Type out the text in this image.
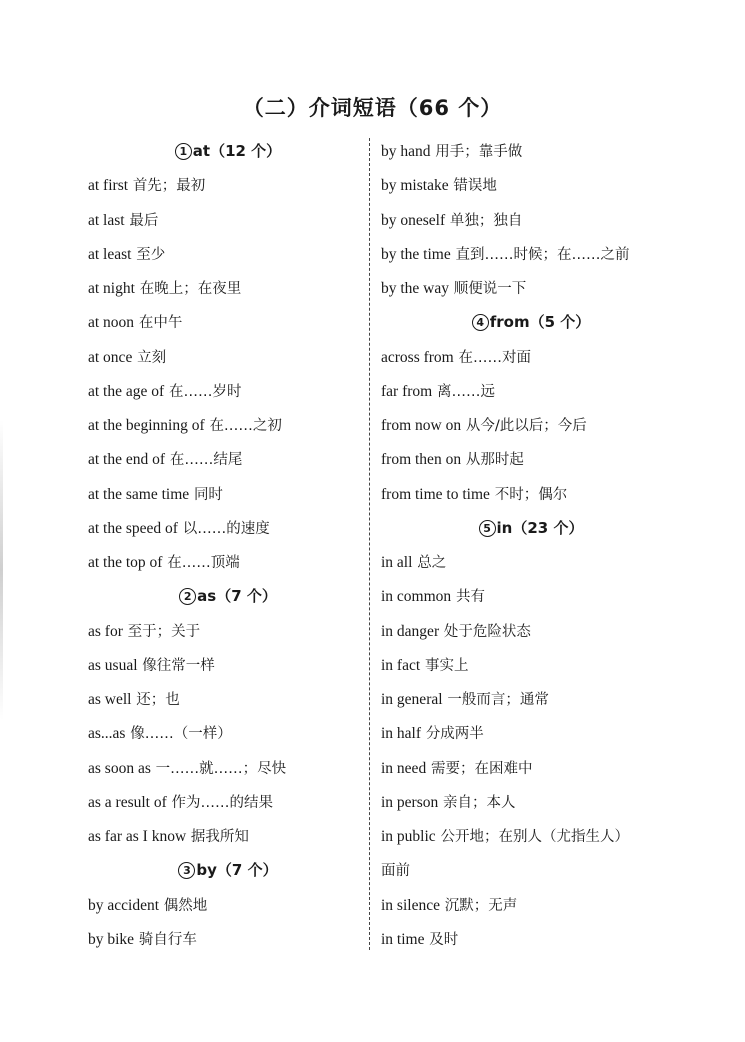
（二）介词短语（66 个）
1 at（12 个）
at first 首先；最初
at last 最后
at least 至少
at night 在晚上；在夜里
at noon 在中午
at once 立刻
at the age of 在……岁时
at the beginning of 在……之初
at the end of 在……结尾
at the same time 同时
at the speed of 以……的速度
at the top of 在……顶端
2 as（7 个）
as for 至于；关于
as usual 像往常一样
as well 还；也
as...as 像……（一样）
as soon as 一……就……；尽快
as a result of 作为……的结果
as far as I know 据我所知
3 by（7 个）
by accident 偶然地
by bike 骑自行车
by hand 用手；靠手做
by mistake 错误地
by oneself 单独；独自
by the time 直到……时候；在……之前
by the way 顺便说一下
4 from（5 个）
across from 在……对面
far from 离……远
from now on 从今/此以后；今后
from then on 从那时起
from time to time 不时；偶尔
5 in（23 个）
in all 总之
in common 共有
in danger 处于危险状态
in fact 事实上
in general 一般而言；通常
in half 分成两半
in need 需要；在困难中
in person 亲自；本人
in public 公开地；在别人（尤指生人）
面前
in silence 沉默；无声
in time 及时
